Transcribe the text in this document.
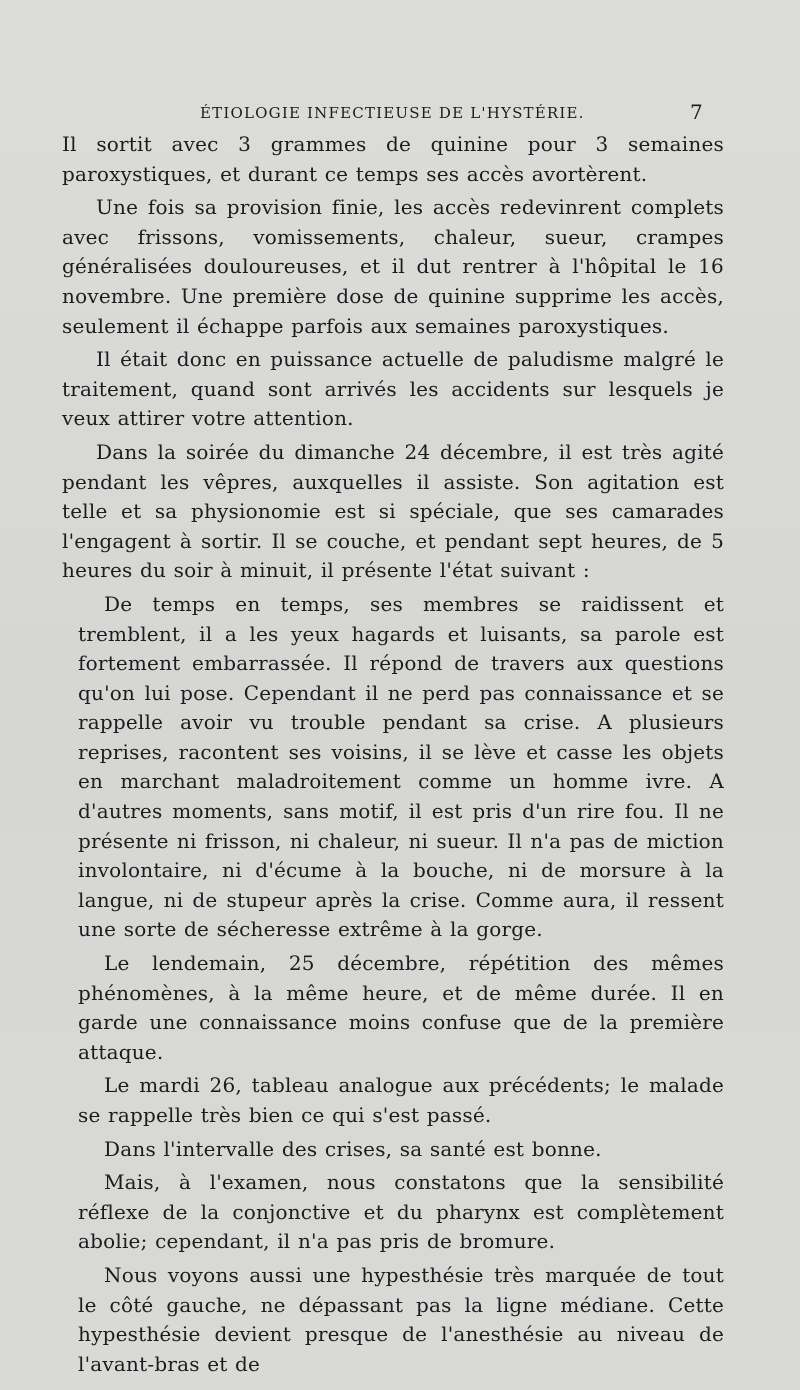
ÉTIOLOGIE INFECTIEUSE DE L'HYSTÉRIE.	7

Il sortit avec 3 grammes de quinine pour 3 semaines paroxystiques, et durant ce temps ses accès avortèrent.

Une fois sa provision finie, les accès redevinrent complets avec frissons, vomissements, chaleur, sueur, crampes généralisées douloureuses, et il dut rentrer à l'hôpital le 16 novembre. Une première dose de quinine supprime les accès, seulement il échappe parfois aux semaines paroxystiques.

Il était donc en puissance actuelle de paludisme malgré le traitement, quand sont arrivés les accidents sur lesquels je veux attirer votre attention.

Dans la soirée du dimanche 24 décembre, il est très agité pendant les vêpres, auxquelles il assiste. Son agitation est telle et sa physionomie est si spéciale, que ses camarades l'engagent à sortir. Il se couche, et pendant sept heures, de 5 heures du soir à minuit, il présente l'état suivant :

De temps en temps, ses membres se raidissent et tremblent, il a les yeux hagards et luisants, sa parole est fortement embarrassée. Il répond de travers aux questions qu'on lui pose. Cependant il ne perd pas connaissance et se rappelle avoir vu trouble pendant sa crise. A plusieurs reprises, racontent ses voisins, il se lève et casse les objets en marchant maladroitement comme un homme ivre. A d'autres moments, sans motif, il est pris d'un rire fou. Il ne présente ni frisson, ni chaleur, ni sueur. Il n'a pas de miction involontaire, ni d'écume à la bouche, ni de morsure à la langue, ni de stupeur après la crise. Comme aura, il ressent une sorte de sécheresse extrême à la gorge.

Le lendemain, 25 décembre, répétition des mêmes phénomènes, à la même heure, et de même durée. Il en garde une connaissance moins confuse que de la première attaque.

Le mardi 26, tableau analogue aux précédents; le malade se rappelle très bien ce qui s'est passé.

Dans l'intervalle des crises, sa santé est bonne.

Mais, à l'examen, nous constatons que la sensibilité réflexe de la conjonctive et du pharynx est complètement abolie; cependant, il n'a pas pris de bromure.

Nous voyons aussi une hypesthésie très marquée de tout le côté gauche, ne dépassant pas la ligne médiane. Cette hypesthésie devient presque de l'anesthésie au niveau de l'avant-bras et de
